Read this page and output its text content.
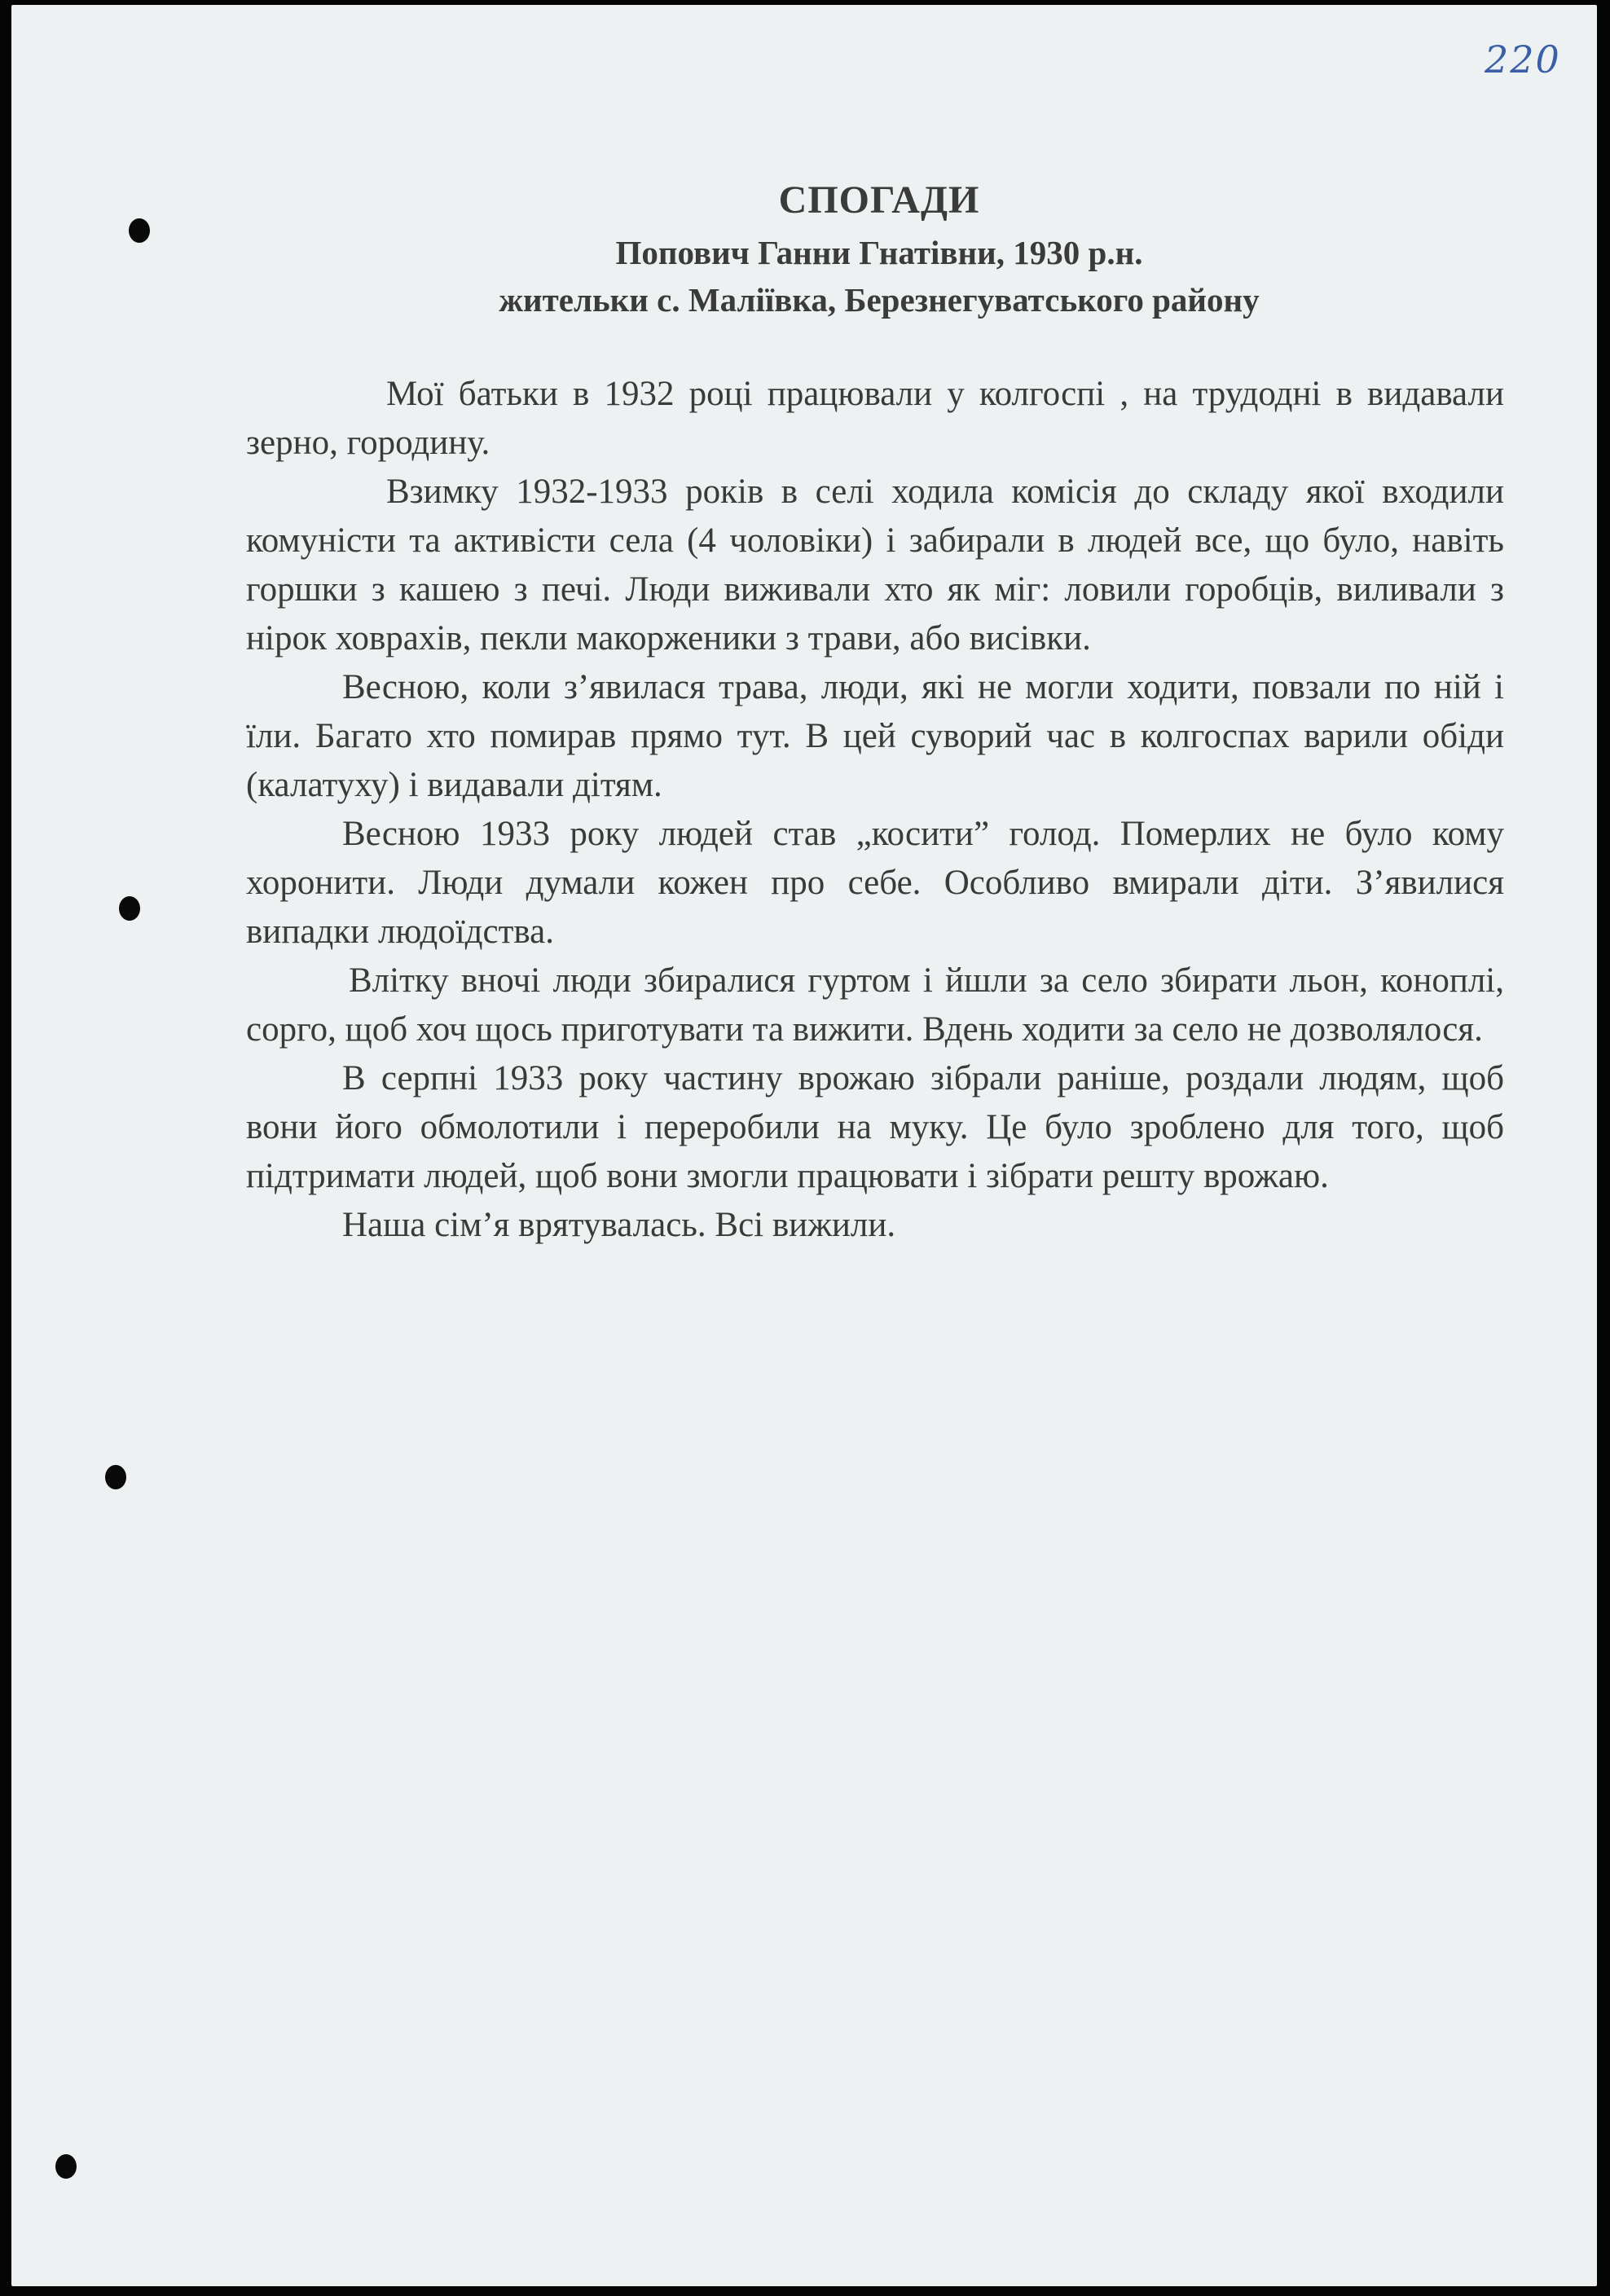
220
СПОГАДИ
Попович Ганни Гнатівни, 1930 р.н.
жительки с. Маліївка, Березнегуватського району

Мої батьки в 1932 році працювали у колгоспі , на трудодні в видавали зерно, городину.

Взимку 1932-1933 років в селі ходила комісія до складу якої входили комуністи та активісти села (4 чоловіки) і забирали в людей все, що було, навіть горшки з кашею з печі. Люди виживали хто як міг: ловили горобців, виливали з нірок ховрахів, пекли макорженики з трави, або висівки.

Весною, коли з’явилася трава, люди, які не могли ходити, повзали по ній і їли. Багато хто помирав прямо тут. В цей суворий час в колгоспах варили обіди (калатуху) і видавали дітям.

Весною 1933 року людей став „косити” голод. Померлих не було кому хоронити. Люди думали кожен про себе. Особливо вмирали діти. З’явилися випадки людоїдства.

Влітку вночі люди збиралися гуртом і йшли за село збирати льон, коноплі, сорго, щоб хоч щось приготувати та вижити. Вдень ходити за село не дозволялося.

В серпні 1933 року частину врожаю зібрали раніше, роздали людям, щоб вони його обмолотили і переробили на муку. Це було зроблено для того, щоб підтримати людей, щоб вони змогли працювати і зібрати решту врожаю.

Наша сім’я врятувалась. Всі вижили.
